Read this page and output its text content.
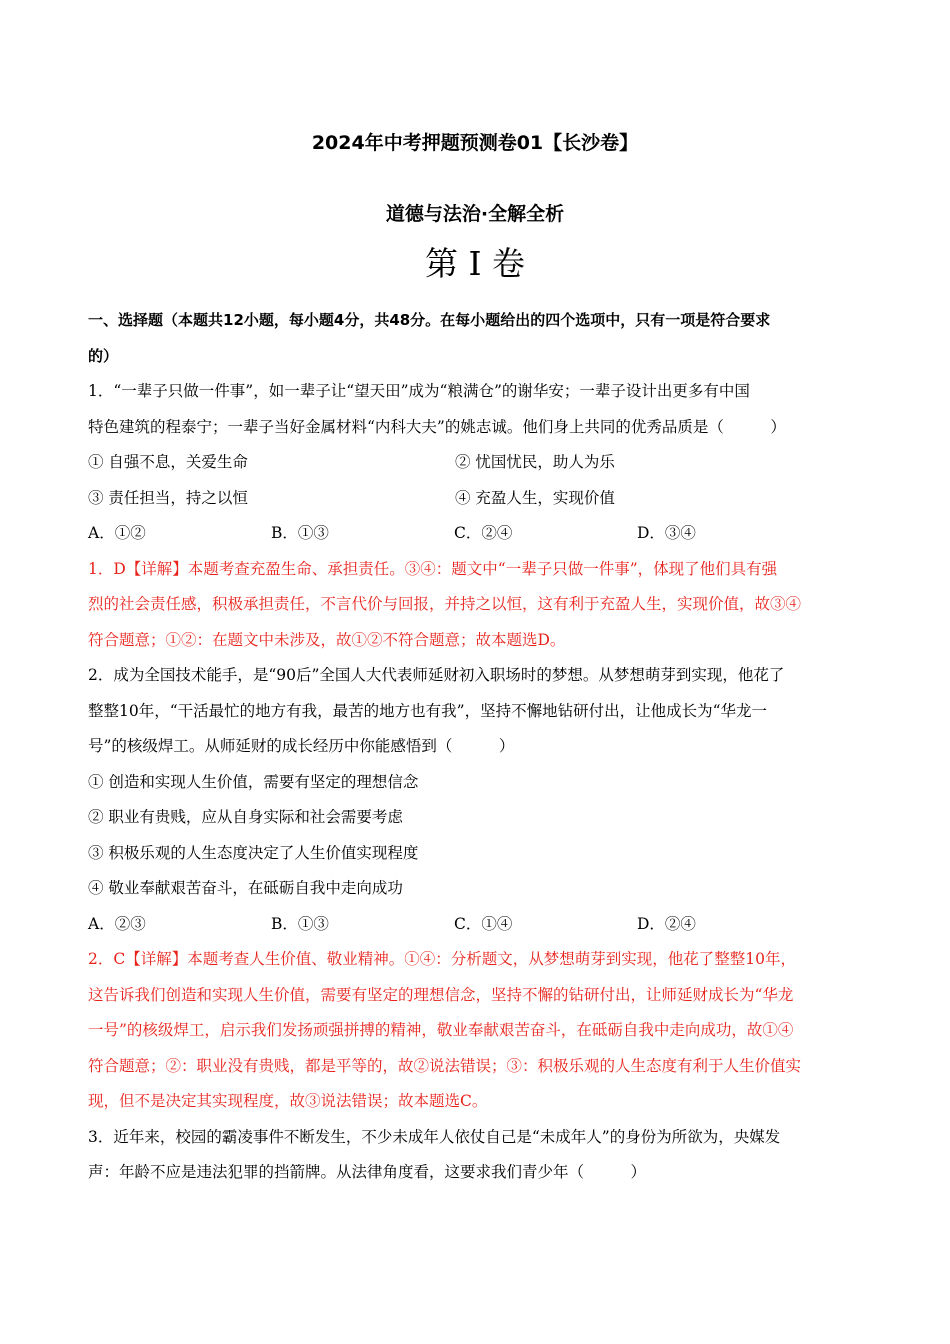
2024年中考押题预测卷01【长沙卷】
道德与法治·全解全析
第 I 卷
一、选择题（本题共12小题，每小题4分，共48分。在每小题给出的四个选项中，只有一项是符合要求
的）
1．“一辈子只做一件事”，如一辈子让“望天田”成为“粮满仓”的谢华安；一辈子设计出更多有中国
特色建筑的程泰宁；一辈子当好金属材料“内科大夫”的姚志诚。他们身上共同的优秀品质是（　　　）
① 自强不息，关爱生命	② 忧国忧民，助人为乐
③ 责任担当，持之以恒	④ 充盈人生，实现价值
A．①②	B．①③	C．②④	D．③④
1．D【详解】本题考查充盈生命、承担责任。③④：题文中“一辈子只做一件事”，体现了他们具有强
烈的社会责任感，积极承担责任，不言代价与回报，并持之以恒，这有利于充盈人生，实现价值，故③④
符合题意；①②：在题文中未涉及，故①②不符合题意；故本题选D。
2．成为全国技术能手，是“90后”全国人大代表师延财初入职场时的梦想。从梦想萌芽到实现，他花了
整整10年，“干活最忙的地方有我，最苦的地方也有我”，坚持不懈地钻研付出，让他成长为“华龙一
号”的核级焊工。从师延财的成长经历中你能感悟到（　　　）
① 创造和实现人生价值，需要有坚定的理想信念
② 职业有贵贱，应从自身实际和社会需要考虑
③ 积极乐观的人生态度决定了人生价值实现程度
④ 敬业奉献艰苦奋斗，在砥砺自我中走向成功
A．②③	B．①③	C．①④	D．②④
2．C【详解】本题考查人生价值、敬业精神。①④：分析题文，从梦想萌芽到实现，他花了整整10年，
这告诉我们创造和实现人生价值，需要有坚定的理想信念，坚持不懈的钻研付出，让师延财成长为“华龙
一号”的核级焊工，启示我们发扬顽强拼搏的精神，敬业奉献艰苦奋斗，在砥砺自我中走向成功，故①④
符合题意；②：职业没有贵贱，都是平等的，故②说法错误；③：积极乐观的人生态度有利于人生价值实
现，但不是决定其实现程度，故③说法错误；故本题选C。
3．近年来，校园的霸凌事件不断发生，不少未成年人依仗自己是“未成年人”的身份为所欲为，央媒发
声：年龄不应是违法犯罪的挡箭牌。从法律角度看，这要求我们青少年（　　　）
